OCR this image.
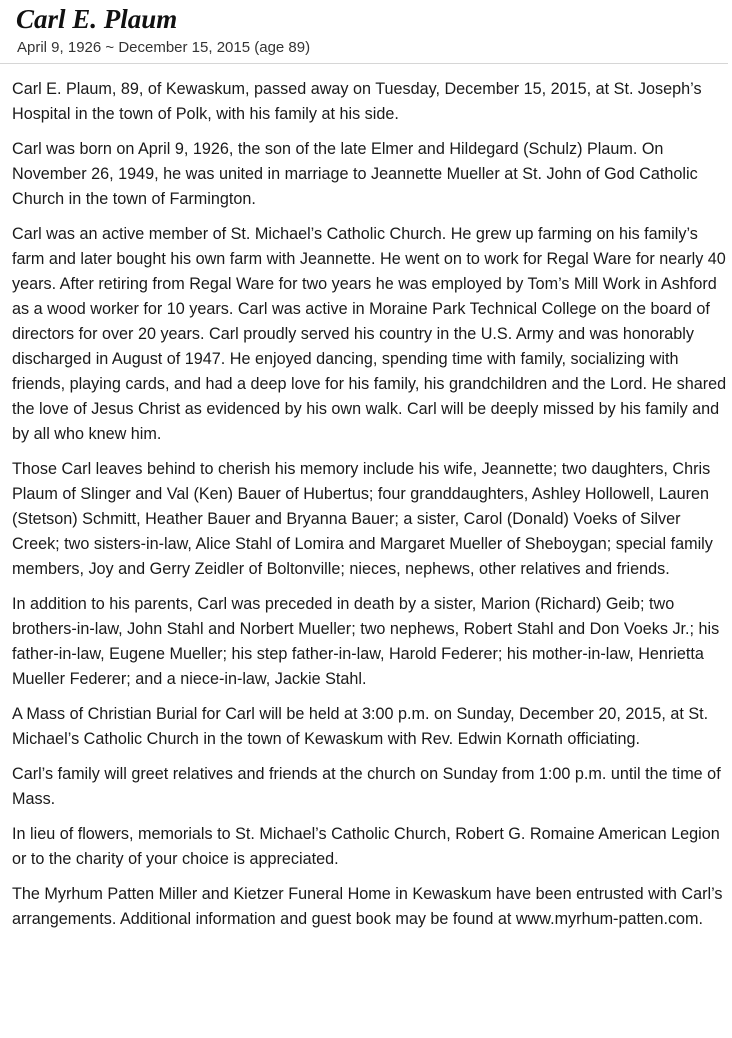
Carl E. Plaum
April 9, 1926 ~ December 15, 2015 (age 89)

Carl E. Plaum, 89, of Kewaskum, passed away on Tuesday, December 15, 2015, at St. Joseph’s Hospital in the town of Polk, with his family at his side.

Carl was born on April 9, 1926, the son of the late Elmer and Hildegard (Schulz) Plaum. On November 26, 1949, he was united in marriage to Jeannette Mueller at St. John of God Catholic Church in the town of Farmington.

Carl was an active member of St. Michael’s Catholic Church. He grew up farming on his family’s farm and later bought his own farm with Jeannette. He went on to work for Regal Ware for nearly 40 years. After retiring from Regal Ware for two years he was employed by Tom’s Mill Work in Ashford as a wood worker for 10 years. Carl was active in Moraine Park Technical College on the board of directors for over 20 years. Carl proudly served his country in the U.S. Army and was honorably discharged in August of 1947. He enjoyed dancing, spending time with family, socializing with friends, playing cards, and had a deep love for his family, his grandchildren and the Lord. He shared the love of Jesus Christ as evidenced by his own walk. Carl will be deeply missed by his family and by all who knew him.

Those Carl leaves behind to cherish his memory include his wife, Jeannette; two daughters, Chris Plaum of Slinger and Val (Ken) Bauer of Hubertus; four granddaughters, Ashley Hollowell, Lauren (Stetson) Schmitt, Heather Bauer and Bryanna Bauer; a sister, Carol (Donald) Voeks of Silver Creek; two sisters-in-law, Alice Stahl of Lomira and Margaret Mueller of Sheboygan; special family members, Joy and Gerry Zeidler of Boltonville; nieces, nephews, other relatives and friends.

In addition to his parents, Carl was preceded in death by a sister, Marion (Richard) Geib; two brothers-in-law, John Stahl and Norbert Mueller; two nephews, Robert Stahl and Don Voeks Jr.; his father-in-law, Eugene Mueller; his step father-in-law, Harold Federer; his mother-in-law, Henrietta Mueller Federer; and a niece-in-law, Jackie Stahl.

A Mass of Christian Burial for Carl will be held at 3:00 p.m. on Sunday, December 20, 2015, at St. Michael’s Catholic Church in the town of Kewaskum with Rev. Edwin Kornath officiating.

Carl’s family will greet relatives and friends at the church on Sunday from 1:00 p.m. until the time of Mass.

In lieu of flowers, memorials to St. Michael’s Catholic Church, Robert G. Romaine American Legion or to the charity of your choice is appreciated.

The Myrhum Patten Miller and Kietzer Funeral Home in Kewaskum have been entrusted with Carl’s arrangements. Additional information and guest book may be found at www.myrhum-patten.com.
